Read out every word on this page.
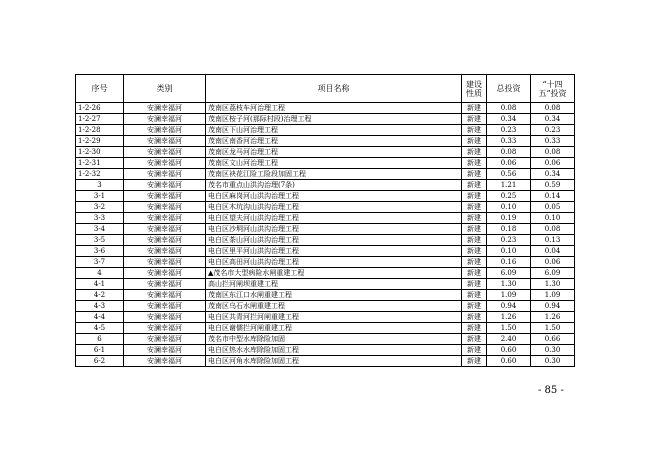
序号	类别	项目名称	建设性质	总投资	“十四五”投资
1-2-26	安澜幸福河	茂南区荔枝车河治理工程	新建	0.08	0.08
1-2-27	安澜幸福河	茂南区桉子河(那际村段)治理工程	新建	0.34	0.34
1-2-28	安澜幸福河	茂南区下山河治理工程	新建	0.23	0.23
1-2-29	安澜幸福河	茂南区南香河治理工程	新建	0.33	0.33
1-2-30	安澜幸福河	茂南区龙马河治理工程	新建	0.08	0.08
1-2-31	安澜幸福河	茂南区文山河治理工程	新建	0.06	0.06
1-2-32	安澜幸福河	茂南区袂花江险工险段加固工程	新建	0.56	0.34
3	安澜幸福河	茂名市重点山洪沟治理(7条)	新建	1.21	0.59
3-1	安澜幸福河	电白区麻岗河山洪沟治理工程	新建	0.25	0.14
3-2	安澜幸福河	电白区木坑沟山洪沟治理工程	新建	0.10	0.05
3-3	安澜幸福河	电白区望夫河山洪沟治理工程	新建	0.19	0.10
3-4	安澜幸福河	电白区沙垌河山洪沟治理工程	新建	0.18	0.08
3-5	安澜幸福河	电白区茶山河山洪沟治理工程	新建	0.23	0.13
3-6	安澜幸福河	电白区里平河山洪沟治理工程	新建	0.10	0.04
3-7	安澜幸福河	电白区高田河山洪沟治理工程	新建	0.16	0.06
4	安澜幸福河	▲茂名市大型病险水闸重建工程	新建	6.09	6.09
4-1	安澜幸福河	高山拦河闸坝重建工程	新建	1.30	1.30
4-2	安澜幸福河	茂南区东江口水闸重建工程	新建	1.09	1.09
4-3	安澜幸福河	茂南区乌石水闸重建工程	新建	0.94	0.94
4-4	安澜幸福河	电白区共青河拦河闸重建工程	新建	1.26	1.26
4-5	安澜幸福河	电白区谢儒拦河闸重建工程	新建	1.50	1.50
6	安澜幸福河	茂名市中型水库除险加固	新建	2.40	0.66
6-1	安澜幸福河	电白区热水水库除险加固工程	新建	0.60	0.30
6-2	安澜幸福河	电白区河角水库除险加固工程	新建	0.60	0.30
- 85 -
